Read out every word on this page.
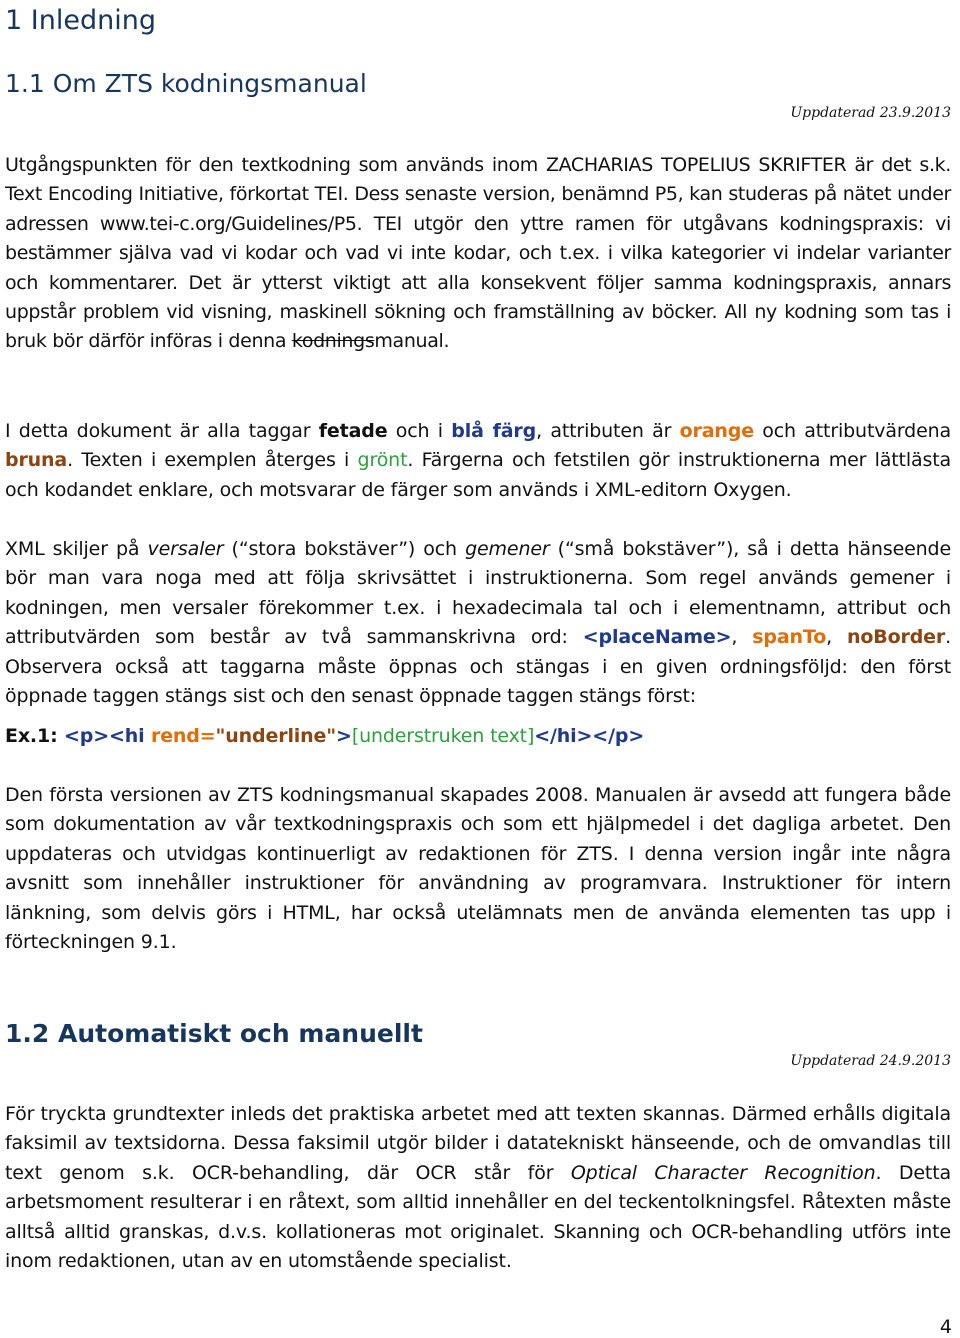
1 Inledning
1.1 Om ZTS kodningsmanual
Uppdaterad 23.9.2013

Utgångspunkten för den textkodning som används inom ZACHARIAS TOPELIUS SKRIFTER är det s.k. Text Encoding Initiative, förkortat TEI. Dess senaste version, benämnd P5, kan studeras på nätet under adressen www.tei-c.org/Guidelines/P5. TEI utgör den yttre ramen för utgåvans kodningspraxis: vi bestämmer själva vad vi kodar och vad vi inte kodar, och t.ex. i vilka kategorier vi indelar varianter och kommentarer. Det är ytterst viktigt att alla konsekvent följer samma kodningspraxis, annars uppstår problem vid visning, maskinell sökning och framställning av böcker. All ny kodning som tas i bruk bör därför införas i denna kodningsmanual.

I detta dokument är alla taggar fetade och i blå färg, attributen är orange och attributvärdena bruna. Texten i exemplen återges i grönt. Färgerna och fetstilen gör instruktionerna mer lättlästa och kodandet enklare, och motsvarar de färger som används i XML-editorn Oxygen.

XML skiljer på versaler (“stora bokstäver”) och gemener (“små bokstäver”), så i detta hänseende bör man vara noga med att följa skrivsättet i instruktionerna. Som regel används gemener i kodningen, men versaler förekommer t.ex. i hexadecimala tal och i elementnamn, attribut och attributvärden som består av två sammanskrivna ord: <placeName>, spanTo, noBorder. Observera också att taggarna måste öppnas och stängas i en given ordningsföljd: den först öppnade taggen stängs sist och den senast öppnade taggen stängs först:

Ex.1: <p><hi rend="underline">[understruken text]</hi></p>

Den första versionen av ZTS kodningsmanual skapades 2008. Manualen är avsedd att fungera både som dokumentation av vår textkodningspraxis och som ett hjälpmedel i det dagliga arbetet. Den uppdateras och utvidgas kontinuerligt av redaktionen för ZTS. I denna version ingår inte några avsnitt som innehåller instruktioner för användning av programvara. Instruktioner för intern länkning, som delvis görs i HTML, har också utelämnats men de använda elementen tas upp i förteckningen 9.1.

1.2 Automatiskt och manuellt
Uppdaterad 24.9.2013

För tryckta grundtexter inleds det praktiska arbetet med att texten skannas. Därmed erhålls digitala faksimil av textsidorna. Dessa faksimil utgör bilder i datatekniskt hänseende, och de omvandlas till text genom s.k. OCR-behandling, där OCR står för Optical Character Recognition. Detta arbetsmoment resulterar i en råtext, som alltid innehåller en del teckentolkningsfel. Råtexten måste alltså alltid granskas, d.v.s. kollationeras mot originalet. Skanning och OCR-behandling utförs inte inom redaktionen, utan av en utomstående specialist.

4
